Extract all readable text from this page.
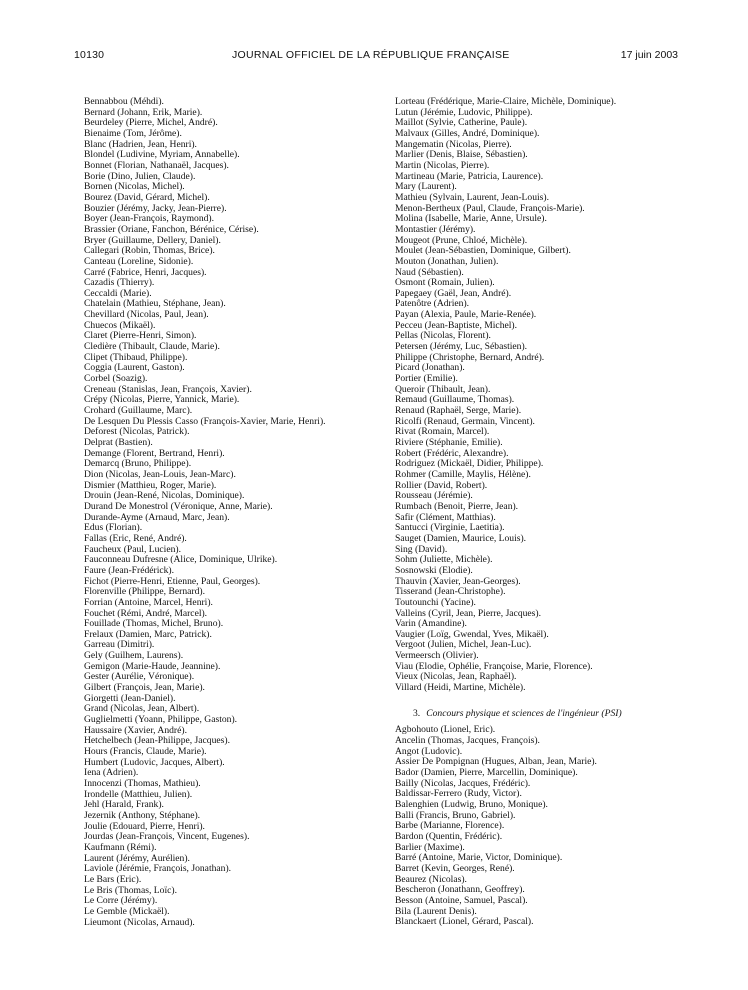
10130	JOURNAL OFFICIEL DE LA RÉPUBLIQUE FRANÇAISE	17 juin 2003
Bennabbou (Méhdi).
Bernard (Johann, Erik, Marie).
Beurdeley (Pierre, Michel, André).
Bienaime (Tom, Jérôme).
Blanc (Hadrien, Jean, Henri).
Blondel (Ludivine, Myriam, Annabelle).
Bonnet (Florian, Nathanaël, Jacques).
Borie (Dino, Julien, Claude).
Bornen (Nicolas, Michel).
Bourez (David, Gérard, Michel).
Bouzier (Jérémy, Jacky, Jean-Pierre).
Boyer (Jean-François, Raymond).
Brassier (Oriane, Fanchon, Bérénice, Cérise).
Bryer (Guillaume, Dellery, Daniel).
Callegari (Robin, Thomas, Brice).
Canteau (Loreline, Sidonie).
Carré (Fabrice, Henri, Jacques).
Cazadis (Thierry).
Ceccaldi (Marie).
Chatelain (Mathieu, Stéphane, Jean).
Chevillard (Nicolas, Paul, Jean).
Chuecos (Mikaël).
Claret (Pierre-Henri, Simon).
Cledière (Thibault, Claude, Marie).
Clipet (Thibaud, Philippe).
Coggia (Laurent, Gaston).
Corbel (Soazig).
Creneau (Stanislas, Jean, François, Xavier).
Crépy (Nicolas, Pierre, Yannick, Marie).
Crohard (Guillaume, Marc).
De Lesquen Du Plessis Casso (François-Xavier, Marie, Henri).
Deforest (Nicolas, Patrick).
Delprat (Bastien).
Demange (Florent, Bertrand, Henri).
Demarcq (Bruno, Philippe).
Dion (Nicolas, Jean-Louis, Jean-Marc).
Dismier (Matthieu, Roger, Marie).
Drouin (Jean-René, Nicolas, Dominique).
Durand De Monestrol (Véronique, Anne, Marie).
Durande-Ayme (Arnaud, Marc, Jean).
Edus (Florian).
Fallas (Eric, René, André).
Faucheux (Paul, Lucien).
Fauconneau Dufresne (Alice, Dominique, Ulrike).
Faure (Jean-Frédérick).
Fichot (Pierre-Henri, Etienne, Paul, Georges).
Florenville (Philippe, Bernard).
Forrian (Antoine, Marcel, Henri).
Fouchet (Rémi, André, Marcel).
Fouillade (Thomas, Michel, Bruno).
Frelaux (Damien, Marc, Patrick).
Garreau (Dimitri).
Gely (Guilhem, Laurens).
Gemigon (Marie-Haude, Jeannine).
Gester (Aurélie, Véronique).
Gilbert (François, Jean, Marie).
Giorgetti (Jean-Daniel).
Grand (Nicolas, Jean, Albert).
Guglielmetti (Yoann, Philippe, Gaston).
Haussaire (Xavier, André).
Hetchelbech (Jean-Philippe, Jacques).
Hours (Francis, Claude, Marie).
Humbert (Ludovic, Jacques, Albert).
Iena (Adrien).
Innocenzi (Thomas, Mathieu).
Irondelle (Matthieu, Julien).
Jehl (Harald, Frank).
Jezernik (Anthony, Stéphane).
Joulie (Edouard, Pierre, Henri).
Jourdas (Jean-François, Vincent, Eugenes).
Kaufmann (Rémi).
Laurent (Jérémy, Aurélien).
Laviole (Jérémie, François, Jonathan).
Le Bars (Eric).
Le Bris (Thomas, Loïc).
Le Corre (Jérémy).
Le Gemble (Mickaël).
Lieumont (Nicolas, Arnaud).
Lorteau (Frédérique, Marie-Claire, Michèle, Dominique).
Lutun (Jérémie, Ludovic, Philippe).
Maillot (Sylvie, Catherine, Paule).
Malvaux (Gilles, André, Dominique).
Mangematin (Nicolas, Pierre).
Marlier (Denis, Blaise, Sébastien).
Martin (Nicolas, Pierre).
Martineau (Marie, Patricia, Laurence).
Mary (Laurent).
Mathieu (Sylvain, Laurent, Jean-Louis).
Menon-Bertheux (Paul, Claude, François-Marie).
Molina (Isabelle, Marie, Anne, Ursule).
Montastier (Jérémy).
Mougeot (Prune, Chloé, Michèle).
Moulet (Jean-Sébastien, Dominique, Gilbert).
Mouton (Jonathan, Julien).
Naud (Sébastien).
Osmont (Romain, Julien).
Papegaey (Gaël, Jean, André).
Patenôtre (Adrien).
Payan (Alexia, Paule, Marie-Renée).
Pecceu (Jean-Baptiste, Michel).
Pellas (Nicolas, Florent).
Petersen (Jérémy, Luc, Sébastien).
Philippe (Christophe, Bernard, André).
Picard (Jonathan).
Portier (Emilie).
Queroir (Thibault, Jean).
Remaud (Guillaume, Thomas).
Renaud (Raphaël, Serge, Marie).
Ricolfi (Renaud, Germain, Vincent).
Rivat (Romain, Marcel).
Riviere (Stéphanie, Emilie).
Robert (Frédéric, Alexandre).
Rodriguez (Mickaël, Didier, Philippe).
Rohmer (Camille, Maylis, Hélène).
Rollier (David, Robert).
Rousseau (Jérémie).
Rumbach (Benoit, Pierre, Jean).
Safir (Clément, Matthias).
Santucci (Virginie, Laetitia).
Sauget (Damien, Maurice, Louis).
Sing (David).
Sohm (Juliette, Michèle).
Sosnowski (Elodie).
Thauvin (Xavier, Jean-Georges).
Tisserand (Jean-Christophe).
Toutounchi (Yacine).
Valleins (Cyril, Jean, Pierre, Jacques).
Varin (Amandine).
Vaugier (Loïg, Gwendal, Yves, Mikaël).
Vergoot (Julien, Michel, Jean-Luc).
Vermeersch (Olivier).
Viau (Elodie, Ophélie, Françoise, Marie, Florence).
Vieux (Nicolas, Jean, Raphaël).
Villard (Heidi, Martine, Michèle).
3. Concours physique et sciences de l'ingénieur (PSI)
Agbohouto (Lionel, Eric).
Ancelin (Thomas, Jacques, François).
Angot (Ludovic).
Assier De Pompignan (Hugues, Alban, Jean, Marie).
Bador (Damien, Pierre, Marcellin, Dominique).
Bailly (Nicolas, Jacques, Frédéric).
Baldissar-Ferrero (Rudy, Victor).
Balenghien (Ludwig, Bruno, Monique).
Balli (Francis, Bruno, Gabriel).
Barbe (Marianne, Florence).
Bardon (Quentin, Frédéric).
Barlier (Maxime).
Barré (Antoine, Marie, Victor, Dominique).
Barret (Kevin, Georges, René).
Beaurez (Nicolas).
Bescheron (Jonathann, Geoffrey).
Besson (Antoine, Samuel, Pascal).
Bila (Laurent Denis).
Blanckaert (Lionel, Gérard, Pascal).
